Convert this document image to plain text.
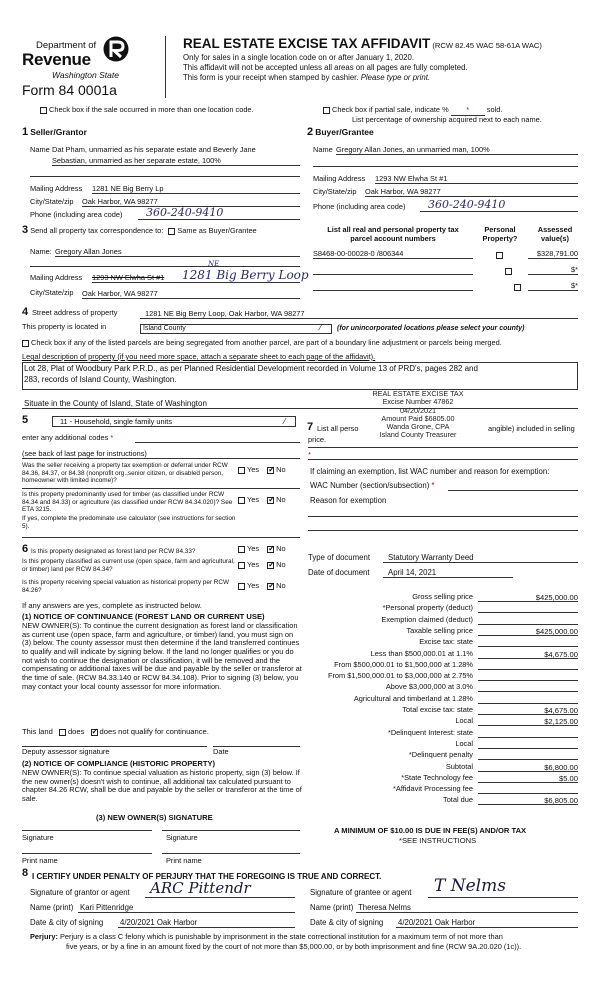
Department of
Revenue
Washington State
Form 84 0001a
REAL ESTATE EXCISE TAX AFFIDAVIT (RCW 82.45 WAC 58-61A WAC)
Only for sales in a single location code on or after January 1, 2020.
This affidavit will not be accepted unless all areas on all pages are fully completed.
This form is your receipt when stamped by cashier. Please type or print.
Check box if the sale occurred in more than one location code.	Check box if partial sale, indicate % * sold.
List percentage of ownership acquired next to each name.
1 Seller/Grantor	2 Buyer/Grantee
Name Dat Pham, unmarried as his separate estate and Beverly Jane
Sebastian, unmarried as her separate estate, 100%
Mailing Address 1281 NE Big Berry Lp
City/State/zip Oak Harbor, WA 98277
Phone (including area code) 360-240-9410
Name Gregory Allan Jones, an unmarried man, 100%
Mailing Address 1293 NW Elwha St #1
City/State/zip Oak Harbor, WA 98277
Phone (including area code) 360-240-9410
3 Send all property tax correspondence to: Same as Buyer/Grantee
Name: Gregory Allan Jones
Mailing Address 1293 NW Elwha St #1
NE
1281 Big Berry Loop
City/State/zip Oak Harbor, WA 98277
List all real and personal property tax
parcel account numbers
Personal
Property?
Assessed
value(s)
S8468-00-00028-0 /806344	$328,791.00
$*
$*
4 Street address of property	1281 NE Big Berry Loop, Oak Harbor, WA 98277
This property is located in	Island County	⁄ (for unincorporated locations please select your county)
Check box if any of the listed parcels are being segregated from another parcel, are part of a boundary line adjustment or parcels being merged.
Legal description of property (if you need more space, attach a separate sheet to each page of the affidavit).
Lot 28, Plat of Woodbury Park P.R.D., as per Planned Residential Development recorded in Volume 13 of PRD's, pages 282 and
283, records of Island County, Washington.
Situate in the County of Island, State of Washington
REAL ESTATE EXCISE TAX
Excise Number 47862
04/20/2021
Amount Paid $6805.00
Wanda Grone, CPA
Island County Treasurer
5	11 - Household, single family units	⁄
enter any additional codes *
(see back of last page for instructions)
Was the seller receiving a property tax exemption or deferral under RCW 84.36, 84.37, or 84.38 (nonprofit org.,senior citizen, or disabled person, homeowner with limited income)?
Yes ✓ No
Is this property predominantly used for timber (as classified under RCW 84.34 and 84.33) or agriculture (as classified under RCW 84.34.020)? See ETA 3215.
If yes, complete the predominate use calculator (see instructions for section 5).
Yes ✓ No
7 List all perso	angible) included in selling
price.
*
If claiming an exemption, list WAC number and reason for exemption:
WAC Number (section/subsection) *
Reason for exemption
6 Is this property designated as forest land per RCW 84.33?	Yes ✓ No
Is this property classified as current use (open space, farm and agricultural, or timber) land per RCW 84.34?
Yes ✓ No
Is this property receiving special valuation as historical property per RCW 84.26?
Yes ✓ No
If any answers are yes, complete as instructed below.
(1) NOTICE OF CONTINUANCE (FOREST LAND OR CURRENT USE)
NEW OWNER(S): To continue the current designation as forest land or classification as current use (open space, farm and agriculture, or timber) land, you must sign on (3) below. The county assessor must then determine if the land transferred continues to qualify and will indicate by signing below. If the land no longer qualifies or you do not wish to continue the designation or classification, it will be removed and the compensating or additional taxes will be due and payable by the seller or transferor at the time of sale. (RCW 84.33.140 or RCW 84.34.108). Prior to signing (3) below, you may contact your local county assessor for more information.
This land does ✓ does not qualify for continuance.
Deputy assessor signature	Date
(2) NOTICE OF COMPLIANCE (HISTORIC PROPERTY)
NEW OWNER(S): To continue special valuation as historic property, sign (3) below. If the new owner(s) doesn't wish to continue, all additional tax calculated pursuant to chapter 84.26 RCW, shall be due and payable by the seller or transferor at the time of sale.
(3) NEW OWNER(S) SIGNATURE
Signature	Signature
Print name	Print name
Type of document Statutory Warranty Deed
Date of document April 14, 2021
Gross selling price	$425,000.00
*Personal property (deduct)
Exemption claimed (deduct)
Taxable selling price	$425,000.00
Excise tax: state
Less than $500,000.01 at 1.1%	$4,675.00
From $500,000.01 to $1,500,000 at 1.28%
From $1,500,000.01 to $3,000,000 at 2.75%
Above $3,000,000 at 3.0%
Agricultural and timberland at 1.28%
Total excise tax: state	$4,675.00
Local	$2,125.00
*Delinquent Interest: state
Local
*Delinquent penalty
Subtotal	$6,800.00
*State Technology fee	$5.00
*Affidavit Processing fee
Total due	$6,805.00
A MINIMUM OF $10.00 IS DUE IN FEE(S) AND/OR TAX
*SEE INSTRUCTIONS
8 I CERTIFY UNDER PENALTY OF PERJURY THAT THE FOREGOING IS TRUE AND CORRECT.
Signature of grantor or agent ARC Pittendr	Signature of grantee or agent T Nelms
Name (print) Kari Pittenridge	Name (print) Theresa Nelms
Date & city of signing 4/20/2021 Oak Harbor	Date & city of signing 4/20/2021 Oak Harbor
Perjury: Perjury is a class C felony which is punishable by imprisonment in the state correctional institution for a maximum term of not more than
five years, or by a fine in an amount fixed by the court of not more than $5,000.00, or by both imprisonment and fine (RCW 9A.20.020 (1c)).
